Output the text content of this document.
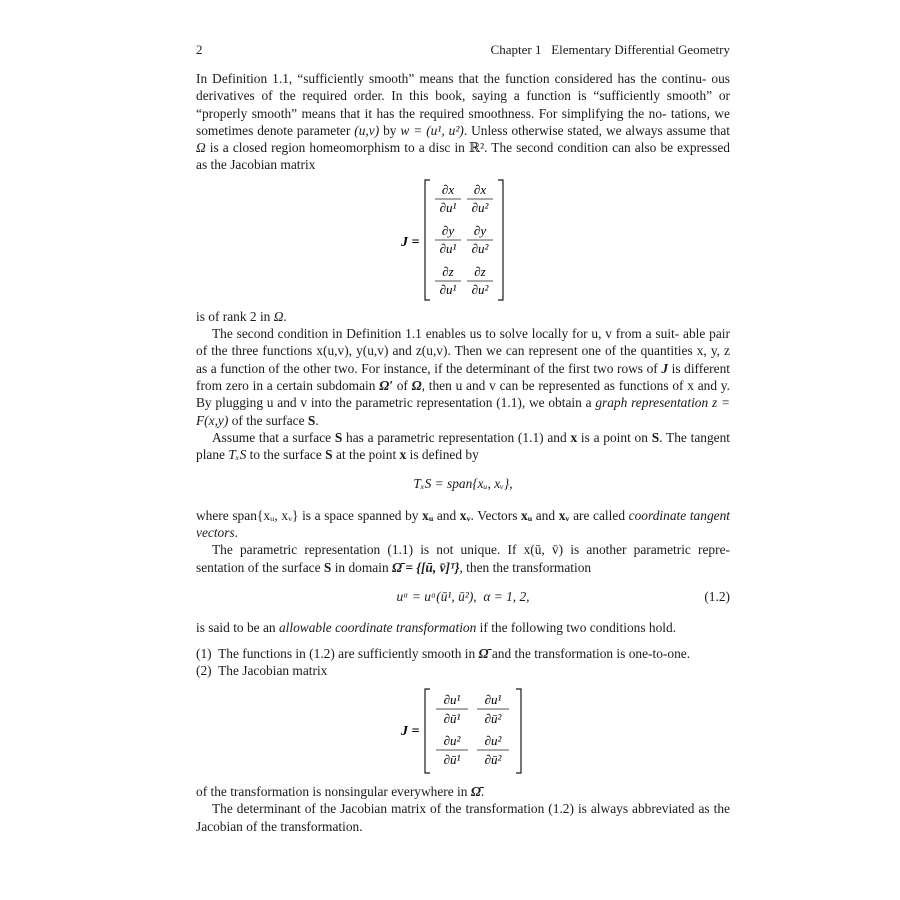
2	Chapter 1   Elementary Differential Geometry

In Definition 1.1, “sufficiently smooth” means that the function considered has the continu- ous derivatives of the required order. In this book, saying a function is “sufficiently smooth” or “properly smooth” means that it has the required smoothness. For simplifying the no- tations, we sometimes denote parameter (u,v) by w = (u¹, u²). Unless otherwise stated, we always assume that Ω is a closed region homeomorphism to a disc in ℝ². The second condition can also be expressed as the Jacobian matrix

J =
∂x
∂u¹
∂x
∂u²
∂y
∂u¹
∂y
∂u²
∂z
∂u¹
∂z
∂u²

is of rank 2 in Ω.

The second condition in Definition 1.1 enables us to solve locally for u, v from a suit- able pair of the three functions x(u,v), y(u,v) and z(u,v). Then we can represent one of the quantities x, y, z as a function of the other two. For instance, if the determinant of the first two rows of J is different from zero in a certain subdomain Ω′ of Ω, then u and v can be represented as functions of x and y. By plugging u and v into the parametric representation (1.1), we obtain a graph representation z = F(x,y) of the surface S.

Assume that a surface S has a parametric representation (1.1) and x is a point on S. The tangent plane TₓS to the surface S at the point x is defined by

TₓS = span{xᵤ, xᵥ},

where span{xᵤ, xᵥ} is a space spanned by xᵤ and xᵥ. Vectors xᵤ and xᵥ are called coordinate tangent vectors.

The parametric representation (1.1) is not unique. If x(ū, v̄) is another parametric repre- sentation of the surface S in domain Ω̄ = {[ū, v̄]ᵀ}, then the transformation

uᵅ = uᵅ(ū¹, ū²),  α = 1, 2,	(1.2)

is said to be an allowable coordinate transformation if the following two conditions hold.

(1)  The functions in (1.2) are sufficiently smooth in Ω̄ and the transformation is one-to-one.

(2)  The Jacobian matrix

J =
∂u¹
∂ū¹
∂u¹
∂ū²
∂u²
∂ū¹
∂u²
∂ū²

of the transformation is nonsingular everywhere in Ω̄.

The determinant of the Jacobian matrix of the transformation (1.2) is always abbreviated as the Jacobian of the transformation.
